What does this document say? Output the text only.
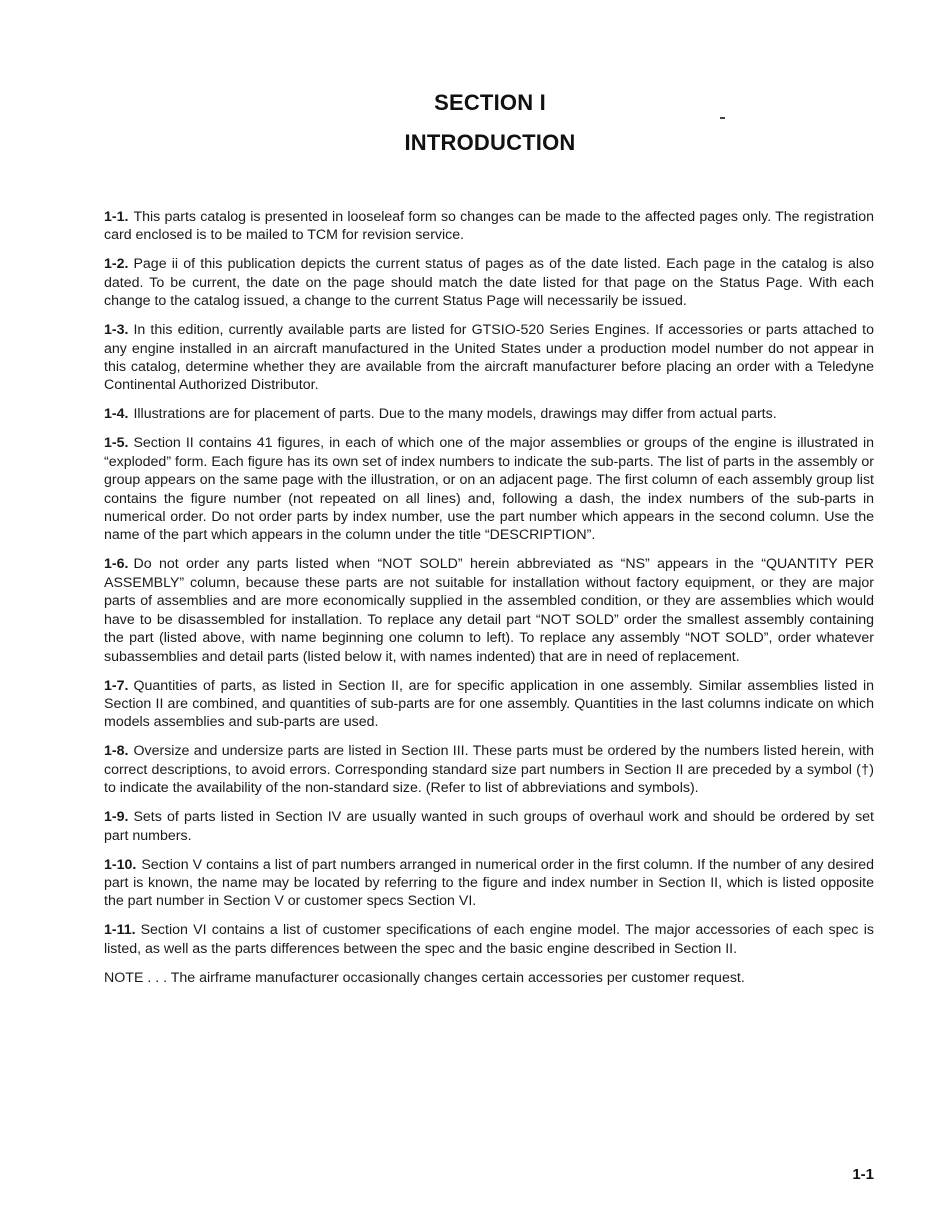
SECTION I
INTRODUCTION

1-1. This parts catalog is presented in looseleaf form so changes can be made to the affected pages only. The registration card enclosed is to be mailed to TCM for revision service.

1-2. Page ii of this publication depicts the current status of pages as of the date listed. Each page in the catalog is also dated. To be current, the date on the page should match the date listed for that page on the Status Page. With each change to the catalog issued, a change to the current Status Page will necessarily be issued.

1-3. In this edition, currently available parts are listed for GTSIO-520 Series Engines. If accessories or parts attached to any engine installed in an aircraft manufactured in the United States under a production model number do not appear in this catalog, determine whether they are available from the aircraft manufacturer before placing an order with a Teledyne Continental Authorized Distributor.

1-4. Illustrations are for placement of parts. Due to the many models, drawings may differ from actual parts.

1-5. Section II contains 41 figures, in each of which one of the major assemblies or groups of the engine is illustrated in “exploded” form. Each figure has its own set of index numbers to indicate the sub-parts. The list of parts in the assembly or group appears on the same page with the illustration, or on an adjacent page. The first column of each assembly group list contains the figure number (not repeated on all lines) and, following a dash, the index numbers of the sub-parts in numerical order. Do not order parts by index number, use the part number which appears in the second column. Use the name of the part which appears in the column under the title “DESCRIPTION”.

1-6. Do not order any parts listed when “NOT SOLD” herein abbreviated as “NS” appears in the “QUANTITY PER ASSEMBLY” column, because these parts are not suitable for installation without factory equipment, or they are major parts of assemblies and are more economically supplied in the assembled condition, or they are assemblies which would have to be disassembled for installation. To replace any detail part “NOT SOLD” order the smallest assembly containing the part (listed above, with name beginning one column to left). To replace any assembly “NOT SOLD”, order whatever subassemblies and detail parts (listed below it, with names indented) that are in need of replacement.

1-7. Quantities of parts, as listed in Section II, are for specific application in one assembly. Similar assemblies listed in Section II are combined, and quantities of sub-parts are for one assembly. Quantities in the last columns indicate on which models assemblies and sub-parts are used.

1-8. Oversize and undersize parts are listed in Section III. These parts must be ordered by the numbers listed herein, with correct descriptions, to avoid errors. Corresponding standard size part numbers in Section II are preceded by a symbol (†) to indicate the availability of the non-standard size. (Refer to list of abbreviations and symbols).

1-9. Sets of parts listed in Section IV are usually wanted in such groups of overhaul work and should be ordered by set part numbers.

1-10. Section V contains a list of part numbers arranged in numerical order in the first column. If the number of any desired part is known, the name may be located by referring to the figure and index number in Section II, which is listed opposite the part number in Section V or customer specs Section VI.

1-11. Section VI contains a list of customer specifications of each engine model. The major accessories of each spec is listed, as well as the parts differences between the spec and the basic engine described in Section II.

NOTE . . . The airframe manufacturer occasionally changes certain accessories per customer request.

1-1
